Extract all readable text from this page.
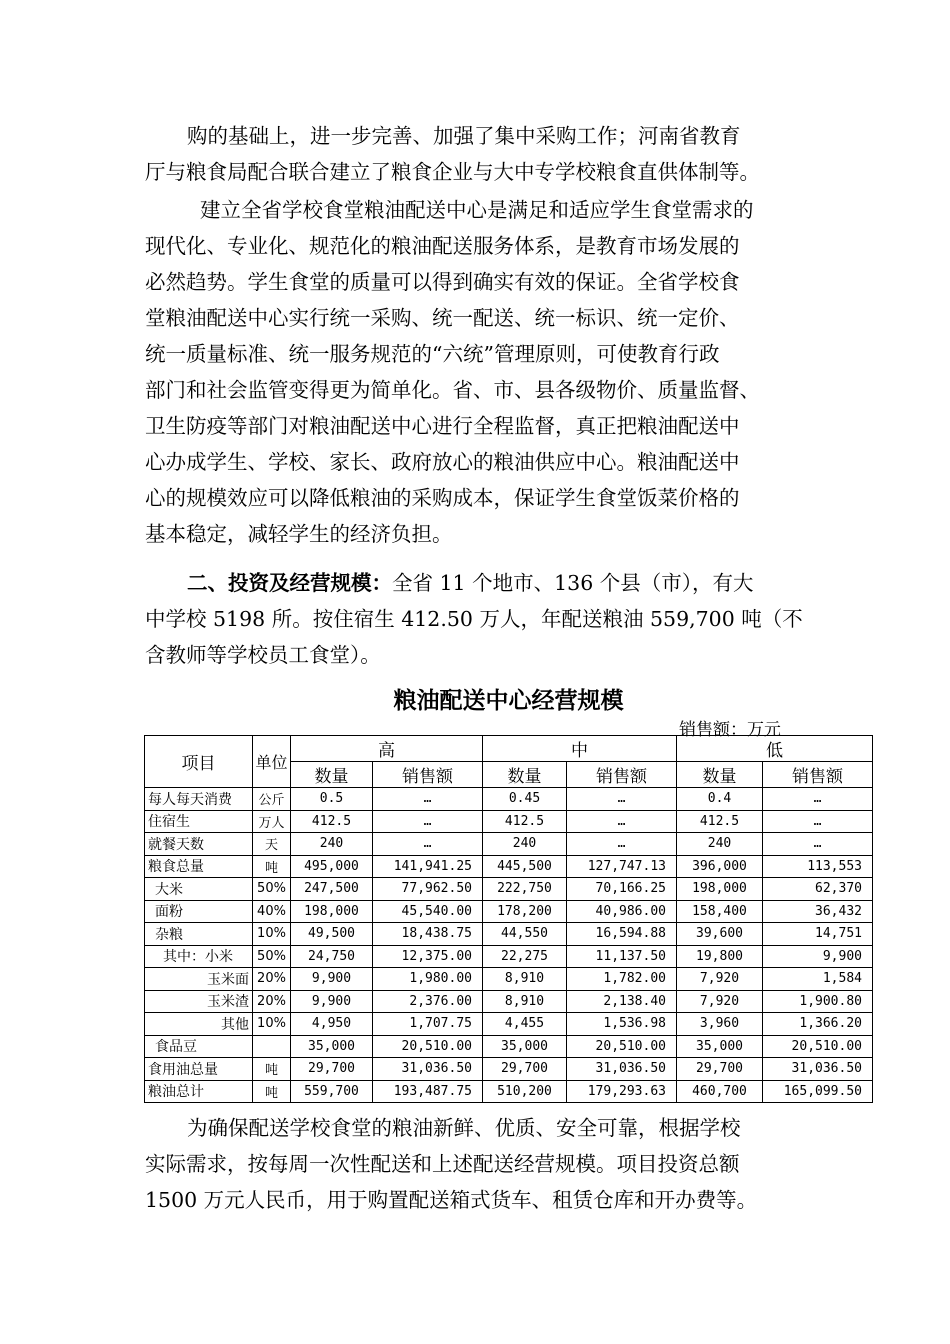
购的基础上，进一步完善、加强了集中采购工作；河南省教育
厅与粮食局配合联合建立了粮食企业与大中专学校粮食直供体制等。
建立全省学校食堂粮油配送中心是满足和适应学生食堂需求的
现代化、专业化、规范化的粮油配送服务体系，是教育市场发展的
必然趋势。学生食堂的质量可以得到确实有效的保证。全省学校食
堂粮油配送中心实行统一采购、统一配送、统一标识、统一定价、
统一质量标准、统一服务规范的“六统”管理原则，可使教育行政
部门和社会监管变得更为简单化。省、市、县各级物价、质量监督、
卫生防疫等部门对粮油配送中心进行全程监督，真正把粮油配送中
心办成学生、学校、家长、政府放心的粮油供应中心。粮油配送中
心的规模效应可以降低粮油的采购成本，保证学生食堂饭菜价格的
基本稳定，减轻学生的经济负担。
二、投资及经营规模：全省 11 个地市、136 个县（市），有大
中学校 5198 所。按住宿生 412.50 万人，年配送粮油 559,700 吨（不
含教师等学校员工食堂）。
粮油配送中心经营规模
销售额：万元
项目	单位	高		中		低	
		数量	销售额	数量	销售额	数量	销售额
每人每天消费	公斤	0.5	…	0.45	…	0.4	…
住宿生	万人	412.5	…	412.5	…	412.5	…
就餐天数	天	240	…	240	…	240	…
粮食总量	吨	495,000	141,941.25	445,500	127,747.13	396,000	113,553
大米	50%	247,500	77,962.50	222,750	70,166.25	198,000	62,370
面粉	40%	198,000	45,540.00	178,200	40,986.00	158,400	36,432
杂粮	10%	49,500	18,438.75	44,550	16,594.88	39,600	14,751
其中：小米	50%	24,750	12,375.00	22,275	11,137.50	19,800	9,900
玉米面	20%	9,900	1,980.00	8,910	1,782.00	7,920	1,584
玉米渣	20%	9,900	2,376.00	8,910	2,138.40	7,920	1,900.80
其他	10%	4,950	1,707.75	4,455	1,536.98	3,960	1,366.20
食品豆		35,000	20,510.00	35,000	20,510.00	35,000	20,510.00
食用油总量	吨	29,700	31,036.50	29,700	31,036.50	29,700	31,036.50
粮油总计	吨	559,700	193,487.75	510,200	179,293.63	460,700	165,099.50
为确保配送学校食堂的粮油新鲜、优质、安全可靠，根据学校
实际需求，按每周一次性配送和上述配送经营规模。项目投资总额
1500 万元人民币，用于购置配送箱式货车、租赁仓库和开办费等。
